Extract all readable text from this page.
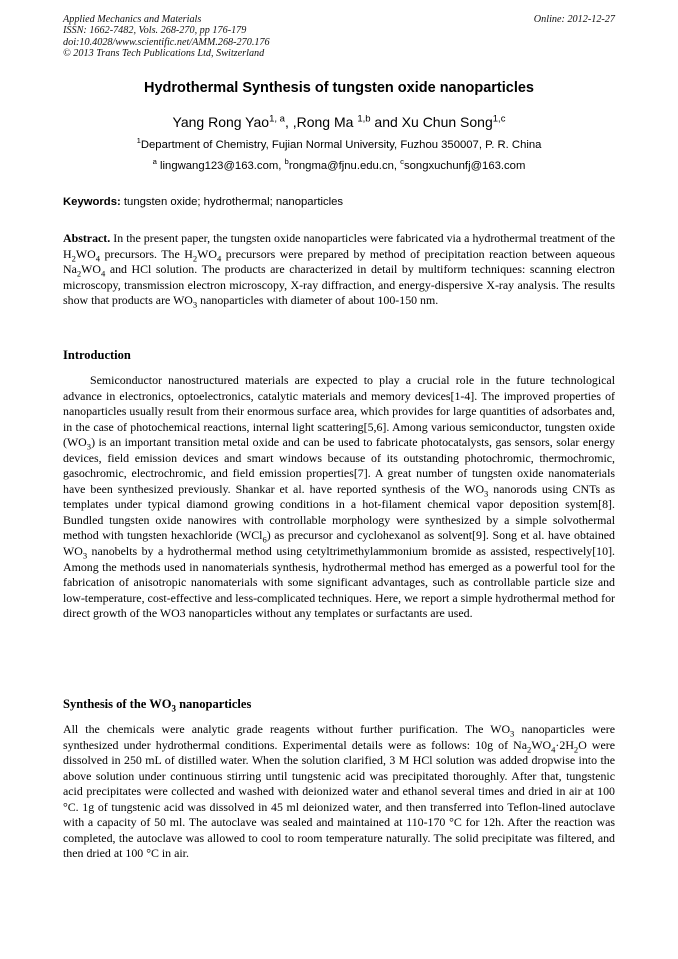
Applied Mechanics and Materials
ISSN: 1662-7482, Vols. 268-270, pp 176-179
doi:10.4028/www.scientific.net/AMM.268-270.176
© 2013 Trans Tech Publications Ltd, Switzerland
Online: 2012-12-27
Hydrothermal Synthesis of tungsten oxide nanoparticles
Yang Rong Yao$^{1, a}$, ,Rong Ma $^{1,b}$ and Xu Chun Song$^{1,c}$
$^1$Department of Chemistry, Fujian Normal University, Fuzhou 350007, P. R. China
$^a$ lingwang123@163.com, $^b$rongma@fjnu.edu.cn, $^c$songxuchunfj@163.com
Keywords: tungsten oxide; hydrothermal; nanoparticles

Abstract. In the present paper, the tungsten oxide nanoparticles were fabricated via a hydrothermal treatment of the $H_2WO_4$ precursors. The $H_2WO_4$ precursors were prepared by method of precipitation reaction between aqueous $Na_2WO_4$ and HCl solution. The products are characterized in detail by multiform techniques: scanning electron microscopy, transmission electron microscopy, X-ray diffraction, and energy-dispersive X-ray analysis. The results show that products are $WO_3$ nanoparticles with diameter of about 100-150 nm.

Introduction

Semiconductor nanostructured materials are expected to play a crucial role in the future technological advance in electronics, optoelectronics, catalytic materials and memory devices[1-4]. The improved properties of nanoparticles usually result from their enormous surface area, which provides for large quantities of adsorbates and, in the case of photochemical reactions, internal light scattering[5,6]. Among various semiconductor, tungsten oxide $(WO_3)$ is an important transition metal oxide and can be used to fabricate photocatalysts, gas sensors, solar energy devices, field emission devices and smart windows because of its outstanding photochromic, thermochromic, gasochromic, electrochromic, and field emission properties[7]. A great number of tungsten oxide nanomaterials have been synthesized previously. Shankar et al. have reported synthesis of the $WO_3$ nanorods using CNTs as templates under typical diamond growing conditions in a hot-filament chemical vapor deposition system[8]. Bundled tungsten oxide nanowires with controllable morphology were synthesized by a simple solvothermal method with tungsten hexachloride (WCl$_6$) as precursor and cyclohexanol as solvent[9]. Song et al. have obtained $WO_3$ nanobelts by a hydrothermal method using cetyltrimethylammonium bromide as assisted, respectively[10]. Among the methods used in nanomaterials synthesis, hydrothermal method has emerged as a powerful tool for the fabrication of anisotropic nanomaterials with some significant advantages, such as controllable particle size and low-temperature, cost-effective and less-complicated techniques. Here, we report a simple hydrothermal method for direct growth of the WO3 nanoparticles without any templates or surfactants are used.

Synthesis of the $WO_3$ nanoparticles

All the chemicals were analytic grade reagents without further purification. The $WO_3$ nanoparticles were synthesized under hydrothermal conditions. Experimental details were as follows: 10g of $Na_2WO_4\cdot 2H_2O$ were dissolved in 250 mL of distilled water. When the solution clarified, 3 M HCl solution was added dropwise into the above solution under continuous stirring until tungstenic acid was precipitated thoroughly. After that, tungstenic acid precipitates were collected and washed with deionized water and ethanol several times and dried in air at 100 °C. 1g of tungstenic acid was dissolved in 45 ml deionized water, and then transferred into Teflon-lined autoclave with a capacity of 50 ml. The autoclave was sealed and maintained at 110-170 °C for 12h. After the reaction was completed, the autoclave was allowed to cool to room temperature naturally. The solid precipitate was filtered, and then dried at 100 °C in air.
